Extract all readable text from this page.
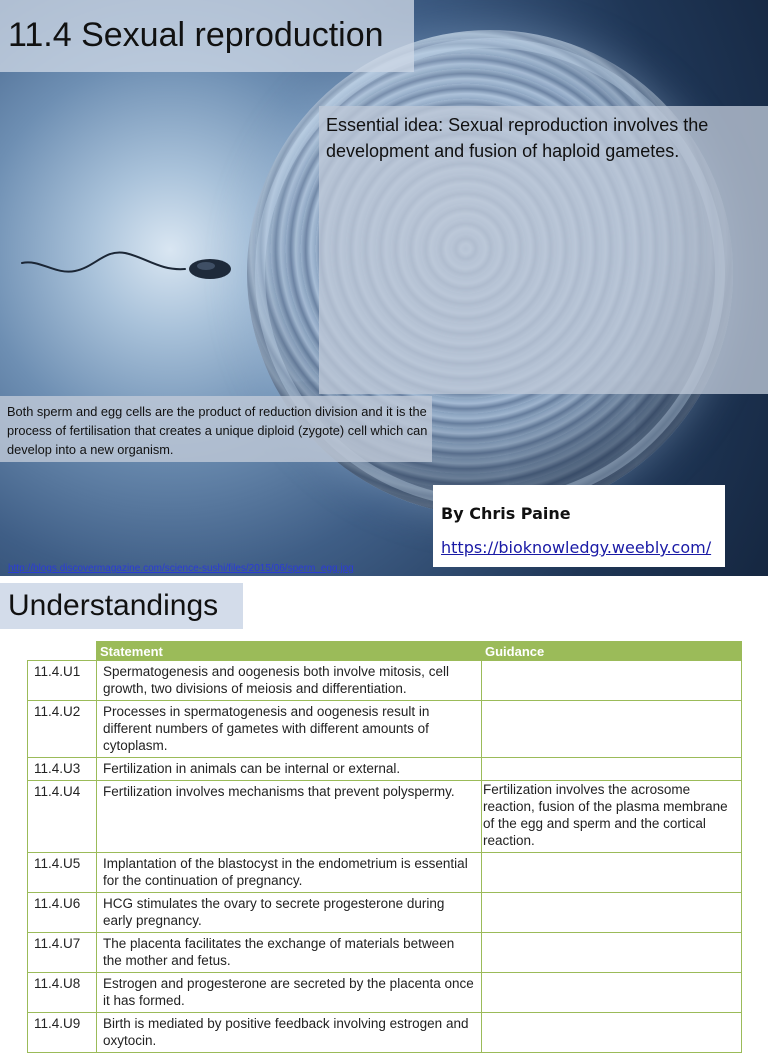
11.4 Sexual reproduction
Essential idea: Sexual reproduction involves the development and fusion of haploid gametes.
Both sperm and egg cells are the product of reduction division and it is the process of fertilisation that creates a unique diploid (zygote) cell which can develop into a new organism.
By Chris Paine
https://bioknowledgy.weebly.com/
http://blogs.discovermagazine.com/science-sushi/files/2015/06/sperm_egg.jpg
Understandings
	Statement	Guidance
11.4.U1	Spermatogenesis and oogenesis both involve mitosis, cell growth, two divisions of meiosis and differentiation.	
11.4.U2	Processes in spermatogenesis and oogenesis result in different numbers of gametes with different amounts of cytoplasm.	
11.4.U3	Fertilization in animals can be internal or external.	
11.4.U4	Fertilization involves mechanisms that prevent polyspermy.	Fertilization involves the acrosome reaction, fusion of the plasma membrane of the egg and sperm and the cortical reaction.
11.4.U5	Implantation of the blastocyst in the endometrium is essential for the continuation of pregnancy.	
11.4.U6	HCG stimulates the ovary to secrete progesterone during early pregnancy.	
11.4.U7	The placenta facilitates the exchange of materials between the mother and fetus.	
11.4.U8	Estrogen and progesterone are secreted by the placenta once it has formed.	
11.4.U9	Birth is mediated by positive feedback involving estrogen and oxytocin.	
